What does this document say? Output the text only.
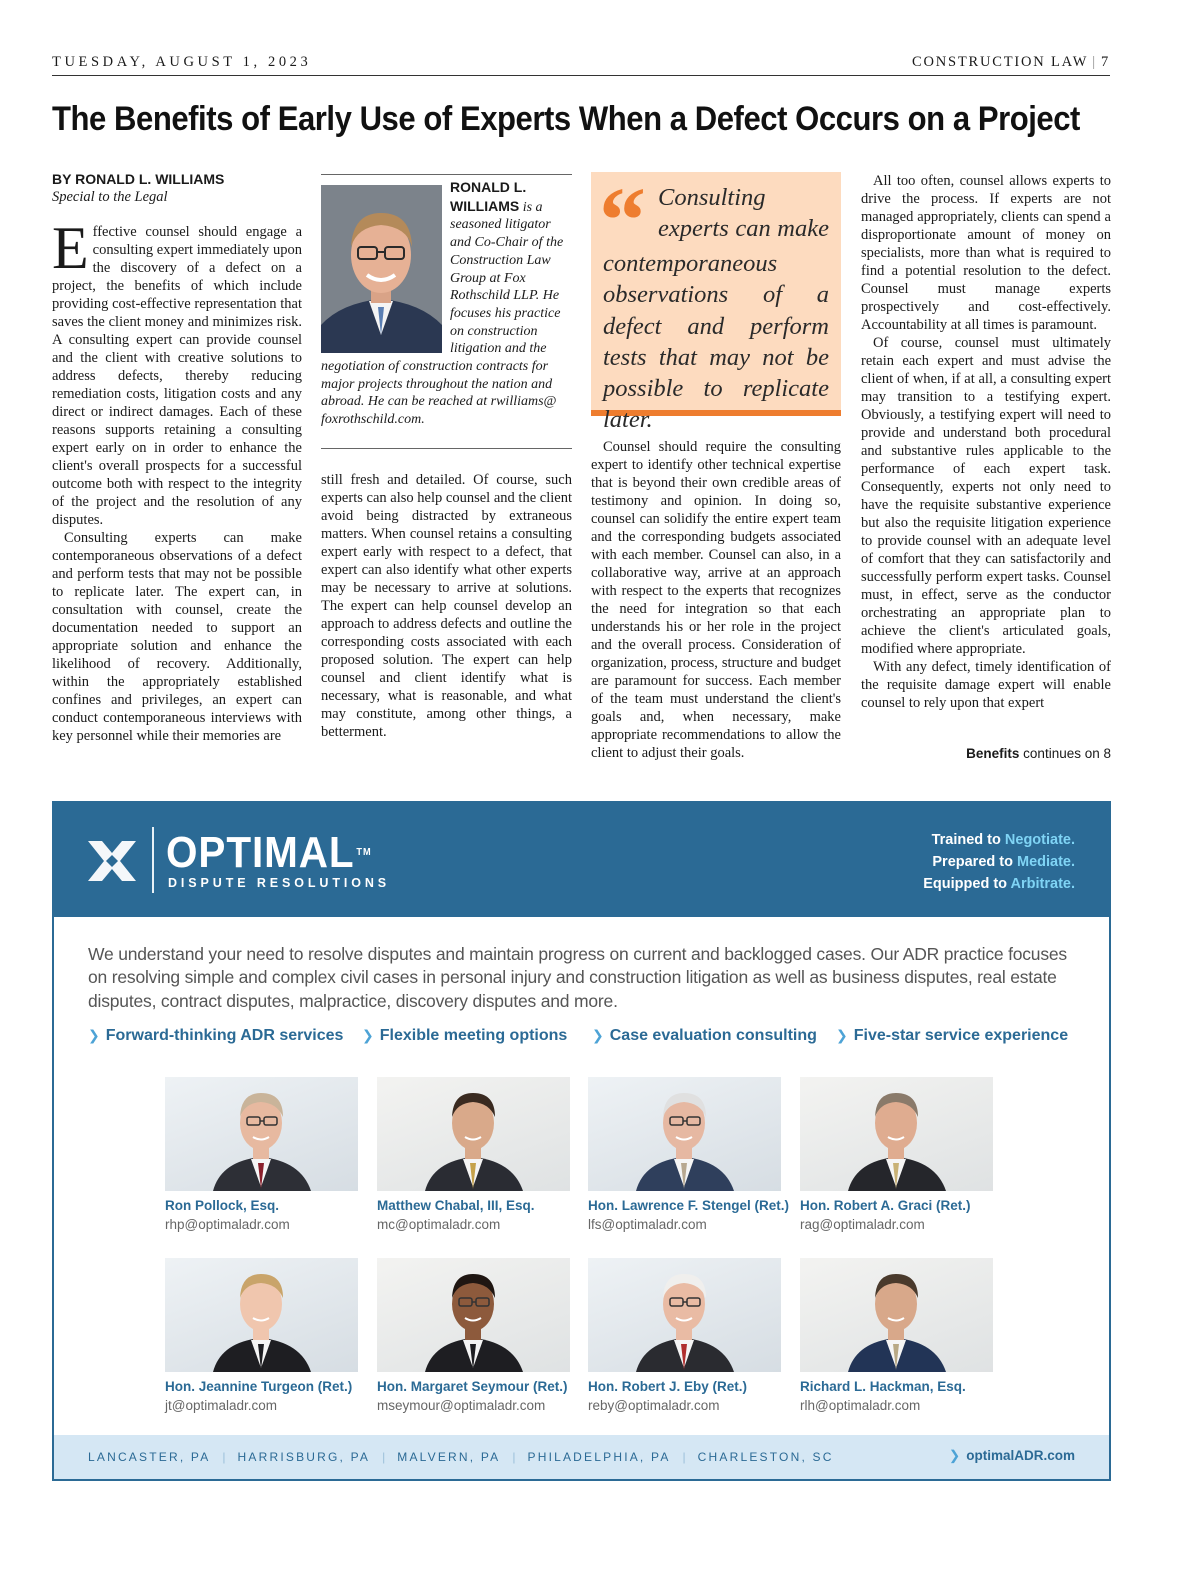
TUESDAY, AUGUST 1, 2023	CONSTRUCTION LAW | 7
The Benefits of Early Use of Experts When a Defect Occurs on a Project
BY RONALD L. WILLIAMS
Special to the Legal

Effective counsel should engage a consulting expert immediately upon the discovery of a defect on a project, the benefits of which include providing cost-effective representation that saves the client money and minimizes risk. A consulting expert can provide counsel and the client with creative solutions to address defects, thereby reducing remediation costs, litigation costs and any direct or indirect damages. Each of these reasons supports retaining a consulting expert early on in order to enhance the client's overall prospects for a successful outcome both with respect to the integrity of the project and the resolution of any disputes.

Consulting experts can make contemporaneous observations of a defect and perform tests that may not be possible to replicate later. The expert can, in consultation with counsel, create the documentation needed to support an appropriate solution and enhance the likelihood of recovery. Additionally, within the appropriately established confines and privileges, an expert can conduct contemporaneous interviews with key personnel while their memories are

RONALD L. WILLIAMS is a seasoned litigator and Co-Chair of the Construction Law Group at Fox Rothschild LLP. He focuses his practice on construction litigation and the negotiation of construction contracts for major projects throughout the nation and abroad. He can be reached at rwilliams@ foxrothschild.com.

still fresh and detailed. Of course, such experts can also help counsel and the client avoid being distracted by extraneous matters. When counsel retains a consulting expert early with respect to a defect, that expert can also identify what other experts may be necessary to arrive at solutions. The expert can help counsel develop an approach to address defects and outline the corresponding costs associated with each proposed solution. The expert can help counsel and client identify what is necessary, what is reasonable, and what may constitute, among other things, a betterment.

“ Consulting experts can make contemporaneous observations of a defect and perform tests that may not be possible to replicate later.

Counsel should require the consulting expert to identify other technical expertise that is beyond their own credible areas of testimony and opinion. In doing so, counsel can solidify the entire expert team and the corresponding budgets associated with each member. Counsel can also, in a collaborative way, arrive at an approach with respect to the experts that recognizes the need for integration so that each understands his or her role in the project and the overall process. Consideration of organization, process, structure and budget are paramount for success. Each member of the team must understand the client's goals and, when necessary, make appropriate recommendations to allow the client to adjust their goals.

All too often, counsel allows experts to drive the process. If experts are not managed appropriately, clients can spend a disproportionate amount of money on specialists, more than what is required to find a potential resolution to the defect. Counsel must manage experts prospectively and cost-effectively. Accountability at all times is paramount.

Of course, counsel must ultimately retain each expert and must advise the client of when, if at all, a consulting expert may transition to a testifying expert. Obviously, a testifying expert will need to provide and understand both procedural and substantive rules applicable to the performance of each expert task. Consequently, experts not only need to have the requisite substantive experience but also the requisite litigation experience to provide counsel with an adequate level of comfort that they can satisfactorily and successfully perform expert tasks. Counsel must, in effect, serve as the conductor orchestrating an appropriate plan to achieve the client's articulated goals, modified where appropriate.

With any defect, timely identification of the requisite damage expert will enable counsel to rely upon that expert

Benefits continues on 8
OPTIMAL ™
DISPUTE RESOLUTIONS
Trained to Negotiate.
Prepared to Mediate.
Equipped to Arbitrate.

We understand your need to resolve disputes and maintain progress on current and backlogged cases. Our ADR practice focuses on resolving simple and complex civil cases in personal injury and construction litigation as well as business disputes, real estate disputes, contract disputes, malpractice, discovery disputes and more.

❯ Forward-thinking ADR services ❯ Flexible meeting options ❯ Case evaluation consulting ❯ Five-star service experience
Ron Pollock, Esq.
rhp@optimaladr.com
Matthew Chabal, III, Esq.
mc@optimaladr.com
Hon. Lawrence F. Stengel (Ret.)
lfs@optimaladr.com
Hon. Robert A. Graci (Ret.)
rag@optimaladr.com
Hon. Jeannine Turgeon (Ret.)
jt@optimaladr.com
Hon. Margaret Seymour (Ret.)
mseymour@optimaladr.com
Hon. Robert J. Eby (Ret.)
reby@optimaladr.com
Richard L. Hackman, Esq.
rlh@optimaladr.com
LANCASTER, PA | HARRISBURG, PA | MALVERN, PA | PHILADELPHIA, PA | CHARLESTON, SC	❯ optimalADR.com
